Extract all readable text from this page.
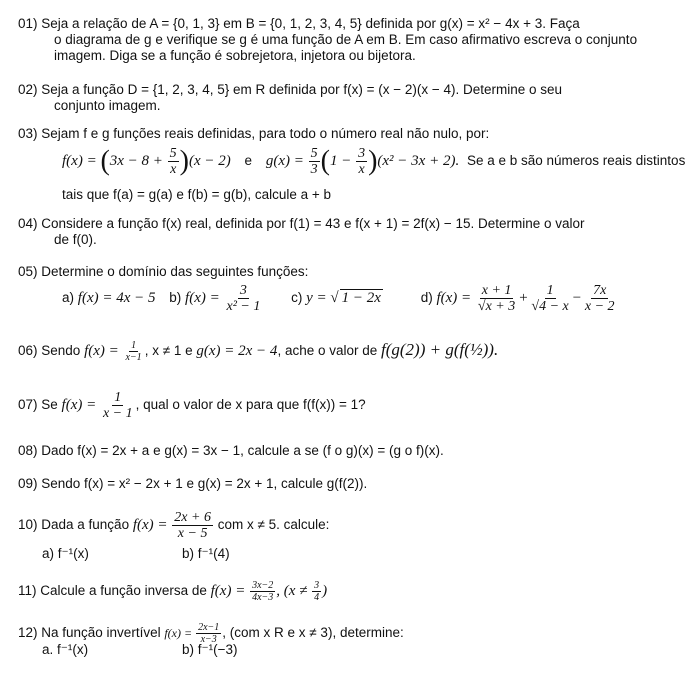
01) Seja a relação de A = {0, 1, 3} em B = {0, 1, 2, 3, 4, 5} definida por g(x) = x² − 4x + 3. Faça
o diagrama de g e verifique se g é uma função de A em B. Em caso afirmativo escreva o conjunto
imagem. Diga se a função é sobrejetora, injetora ou bijetora.
02) Seja a função D = {1, 2, 3, 4, 5} em R definida por f(x) = (x − 2)(x − 4). Determine o seu
conjunto imagem.
03) Sejam f e g funções reais definidas, para todo o número real não nulo, por:
$f(x) = (3x - 8 + \frac{5}{x} )(x - 2)$ e $g(x) = \frac{5}{3} (1 - \frac{3}{x} )(x^2 - 3x + 2)$. Se a e b são números reais distintos
tais que f(a) = g(a) e f(b) = g(b), calcule a + b
04) Considere a função f(x) real, definida por f(1) = 43 e f(x + 1) = 2f(x) − 15. Determine o valor
de f(0).
05) Determine o domínio das seguintes funções:
a) f(x) = 4x − 5 b) $f(x) = \frac{3}{\text{x² − 1}} c$) y = √ 1 − 2x	d) $f(x) = \frac{x + 1}{√x + 3} + \frac{1}{√4 - x} - \frac{7x}{x - 2}$
06) Sendo $f(x) = \frac{1}{x-1}$ , x ≠ 1 e g(x) = 2x − 4, ache o valor de f(g(2)) + g(f(½)).
07) Se $f(x) = \frac{1}{x - 1}$ , qual o valor de x para que f(f(x)) = 1?
08) Dado f(x) = 2x + a e g(x) = 3x − 1, calcule a se (f o g)(x) = (g o f)(x).
09) Sendo f(x) = x² − 2x + 1 e g(x) = 2x + 1, calcule g(f(2)).
10) Dada a função $f(x) = \frac{2x + 6}{x - 5}$ com x ≠ 5. calcule:
a) f⁻¹(x)	b) f⁻¹(4)
11) Calcule a função inversa de $f(x) = \frac{3x-2}{4x-3}$ , ($x \ne \frac{3}{4}$ )
12) Na função invertível $f(x) = \frac{2x-1}{x-3}$ , (com x R e x ≠ 3), determine:
a. f⁻¹(x)	b) f⁻¹(−3)
